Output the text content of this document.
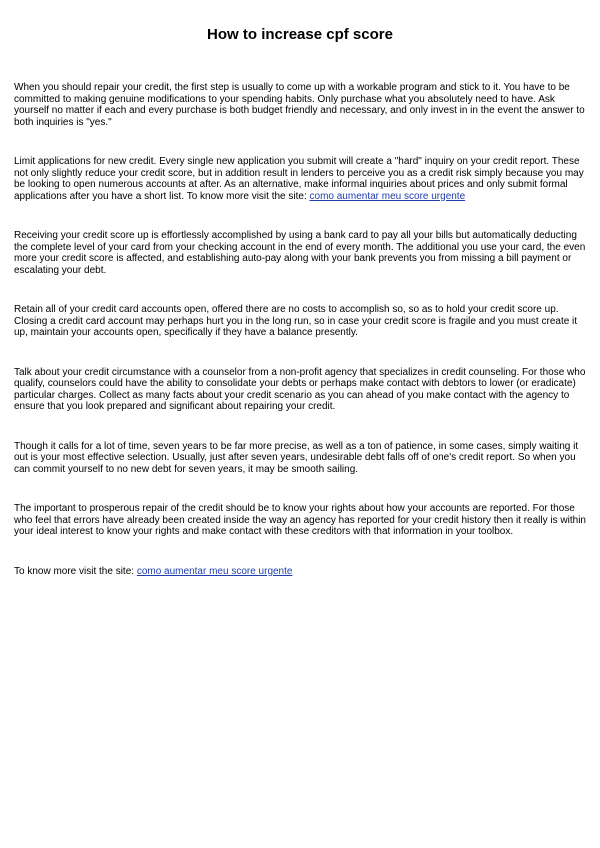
How to increase cpf score

When you should repair your credit, the first step is usually to come up with a workable program and stick to it. You have to be committed to making genuine modifications to your spending habits. Only purchase what you absolutely need to have. Ask yourself no matter if each and every purchase is both budget friendly and necessary, and only invest in in the event the answer to both inquiries is "yes."

Limit applications for new credit. Every single new application you submit will create a "hard" inquiry on your credit report. These not only slightly reduce your credit score, but in addition result in lenders to perceive you as a credit risk simply because you may be looking to open numerous accounts at after. As an alternative, make informal inquiries about prices and only submit formal applications after you have a short list. To know more visit the site: como aumentar meu score urgente

Receiving your credit score up is effortlessly accomplished by using a bank card to pay all your bills but automatically deducting the complete level of your card from your checking account in the end of every month. The additional you use your card, the even more your credit score is affected, and establishing auto-pay along with your bank prevents you from missing a bill payment or escalating your debt.

Retain all of your credit card accounts open, offered there are no costs to accomplish so, so as to hold your credit score up. Closing a credit card account may perhaps hurt you in the long run, so in case your credit score is fragile and you must create it up, maintain your accounts open, specifically if they have a balance presently.

Talk about your credit circumstance with a counselor from a non-profit agency that specializes in credit counseling. For those who qualify, counselors could have the ability to consolidate your debts or perhaps make contact with debtors to lower (or eradicate) particular charges. Collect as many facts about your credit scenario as you can ahead of you make contact with the agency to ensure that you look prepared and significant about repairing your credit.

Though it calls for a lot of time, seven years to be far more precise, as well as a ton of patience, in some cases, simply waiting it out is your most effective selection. Usually, just after seven years, undesirable debt falls off of one's credit report. So when you can commit yourself to no new debt for seven years, it may be smooth sailing.

The important to prosperous repair of the credit should be to know your rights about how your accounts are reported. For those who feel that errors have already been created inside the way an agency has reported for your credit history then it really is within your ideal interest to know your rights and make contact with these creditors with that information in your toolbox.

To know more visit the site: como aumentar meu score urgente
